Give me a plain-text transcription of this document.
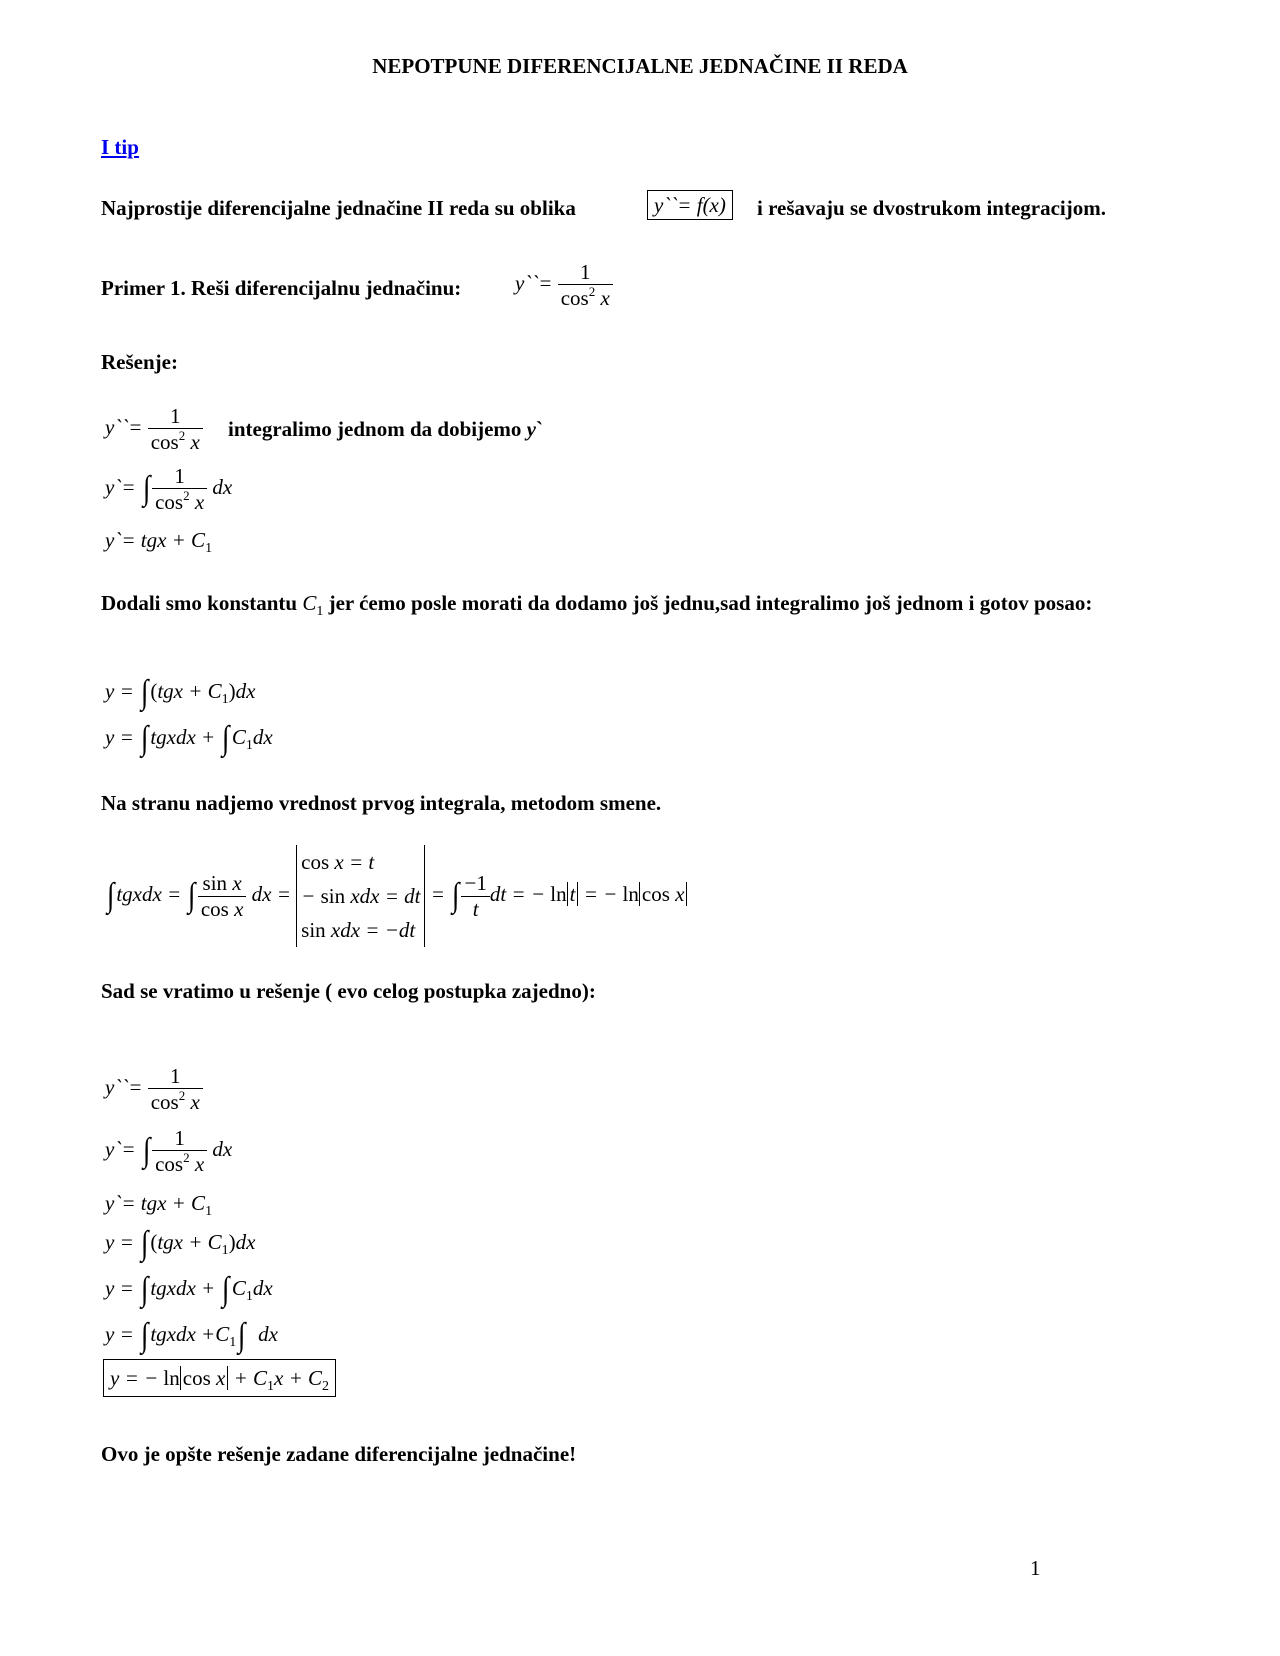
NEPOTPUNE DIFERENCIJALNE JEDNAČINE II REDA
I tip
Najprostije diferencijalne jednačine II reda su oblika	y``= f(x)	i rešavaju se dvostrukom integracijom.
Primer 1. Reši diferencijalnu jednačinu:	y``= $\frac{1}{\cos^2 x}$
Rešenje:
y``= $\frac{1}{\cos^2 x}$ integralimo jednom da dobijemo y`
y`= ∫ $\frac{1}{\cos^2 x}$ dx
y`= tgx + $C_1$

Dodali smo konstantu $C_1$ jer ćemo posle morati da dodamo još jednu,sad integralimo još jednom i gotov posao:

$y = \int(tgx + C_1)dx$
y = ∫tgxdx + $\int C_1dx$
Na stranu nadjemo vrednost prvog integrala, metodom smene.
∫tgxdx = ∫ $\frac{\text{sin x}}{\text{cos x}}$ dx =
cos x = t
− sin xdx = dt
sin xdx = −dt
= ∫ $\frac{-1}{t}$ dt = − ln t = − ln cos x
Sad se vratimo u rešenje ( evo celog postupka zajedno):
y``= $\frac{1}{\cos^2 x}$
y`= ∫ $\frac{1}{\cos^2 x}$ dx
y`= tgx + $C_1$
$y = \int(tgx + C_1)dx$
y = ∫tgxdx + $\int C_1dx$
y = ∫tgxdx $+C_1\int$  dx
y = − $\ln \cos x + C_1x + C_2$
Ovo je opšte rešenje zadane diferencijalne jednačine!
1
